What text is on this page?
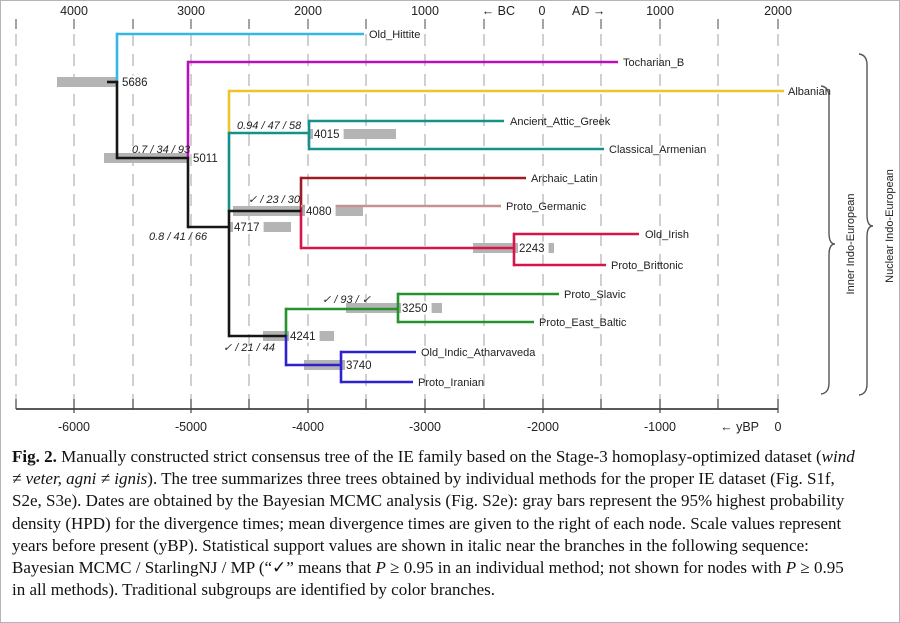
4000	3000	2000	1000	1000	2000
← BC 0 AD →
-6000	-5000	-4000	-3000	-2000	-1000	← yBP 0
5686
5011
4015
4717
4080
2243
3250
4241
3740
0.7 / 34 / 93
0.94 / 47 / 58
✓ / 23 / 30
0.8 / 41 / 66
✓ / 93 / ✓
✓ / 21 / 44
Old_Hittite
Tocharian_B
Albanian
Ancient_Attic_Greek
Classical_Armenian
Archaic_Latin
Proto_Germanic
Old_Irish
Proto_Brittonic
Proto_Slavic
Proto_East_Baltic
Old_Indic_Atharvaveda
Proto_Iranian
Inner Indo-European Nuclear Indo-European
Fig. 2. Manually constructed strict consensus tree of the IE family based on the Stage-3 homoplasy-optimized dataset (wind ≠ veter, agni ≠ ignis). The tree summarizes three trees obtained by individual methods for the proper IE dataset (Fig. S1f, S2e, S3e). Dates are obtained by the Bayesian MCMC analysis (Fig. S2e): gray bars represent the 95% highest probability density (HPD) for the divergence times; mean divergence times are given to the right of each node. Scale values represent years before present (yBP). Statistical support values are shown in italic near the branches in the following sequence: Bayesian MCMC / StarlingNJ / MP (“✓” means that P ≥ 0.95 in an individual method; not shown for nodes with P ≥ 0.95 in all methods). Traditional subgroups are identified by color branches.
